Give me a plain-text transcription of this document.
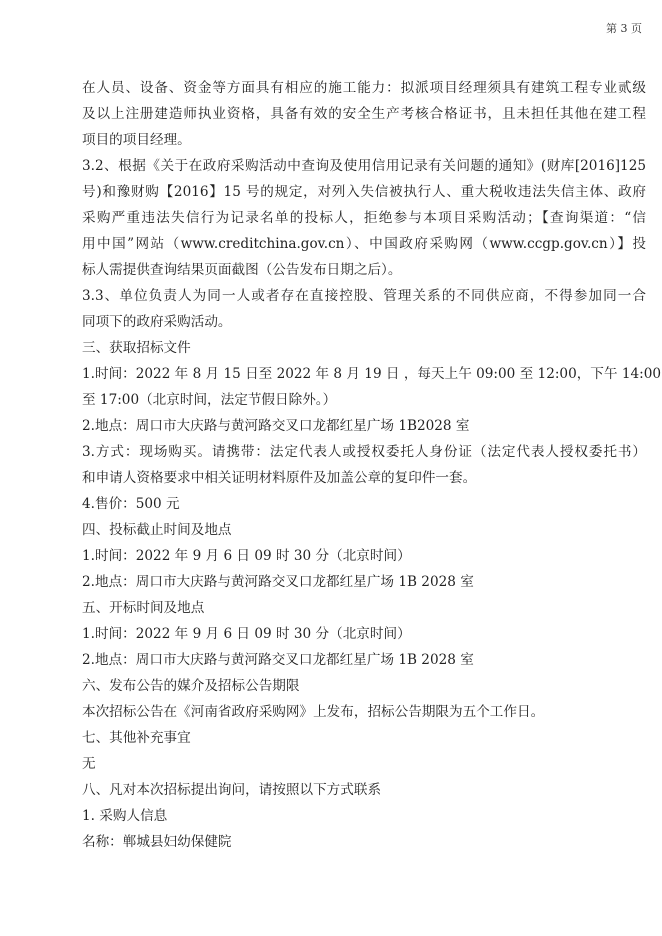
第 3 页
在人员、设备、资金等方面具有相应的施工能力：拟派项目经理须具有建筑工程专业贰级
及以上注册建造师执业资格，具备有效的安全生产考核合格证书，且未担任其他在建工程
项目的项目经理。
3.2、根据《关于在政府采购活动中查询及使用信用记录有关问题的通知》(财库[2016]125
号)和豫财购【2016】15 号的规定，对列入失信被执行人、重大税收违法失信主体、政府
采购严重违法失信行为记录名单的投标人，拒绝参与本项目采购活动；【查询渠道：“信
用中国”网站（www.creditchina.gov.cn）、中国政府采购网（www.ccgp.gov.cn）】投
标人需提供查询结果页面截图（公告发布日期之后）。
3.3、单位负责人为同一人或者存在直接控股、管理关系的不同供应商，不得参加同一合
同项下的政府采购活动。
三、获取招标文件
1.时间：2022 年 8 月 15 日至 2022 年 8 月 19 日 ，每天上午 09:00 至 12:00，下午 14:00
至 17:00（北京时间，法定节假日除外。）
2.地点：周口市大庆路与黄河路交叉口龙都红星广场 1B2028 室
3.方式：现场购买。请携带：法定代表人或授权委托人身份证（法定代表人授权委托书）
和申请人资格要求中相关证明材料原件及加盖公章的复印件一套。
4.售价：500 元
四、投标截止时间及地点
1.时间：2022 年 9 月 6 日 09 时 30 分（北京时间）
2.地点：周口市大庆路与黄河路交叉口龙都红星广场 1B 2028 室
五、开标时间及地点
1.时间：2022 年 9 月 6 日 09 时 30 分（北京时间）
2.地点：周口市大庆路与黄河路交叉口龙都红星广场 1B 2028 室
六、发布公告的媒介及招标公告期限
本次招标公告在《河南省政府采购网》上发布，招标公告期限为五个工作日。
七、其他补充事宜
无
八、凡对本次招标提出询问，请按照以下方式联系
1. 采购人信息
名称：郸城县妇幼保健院
